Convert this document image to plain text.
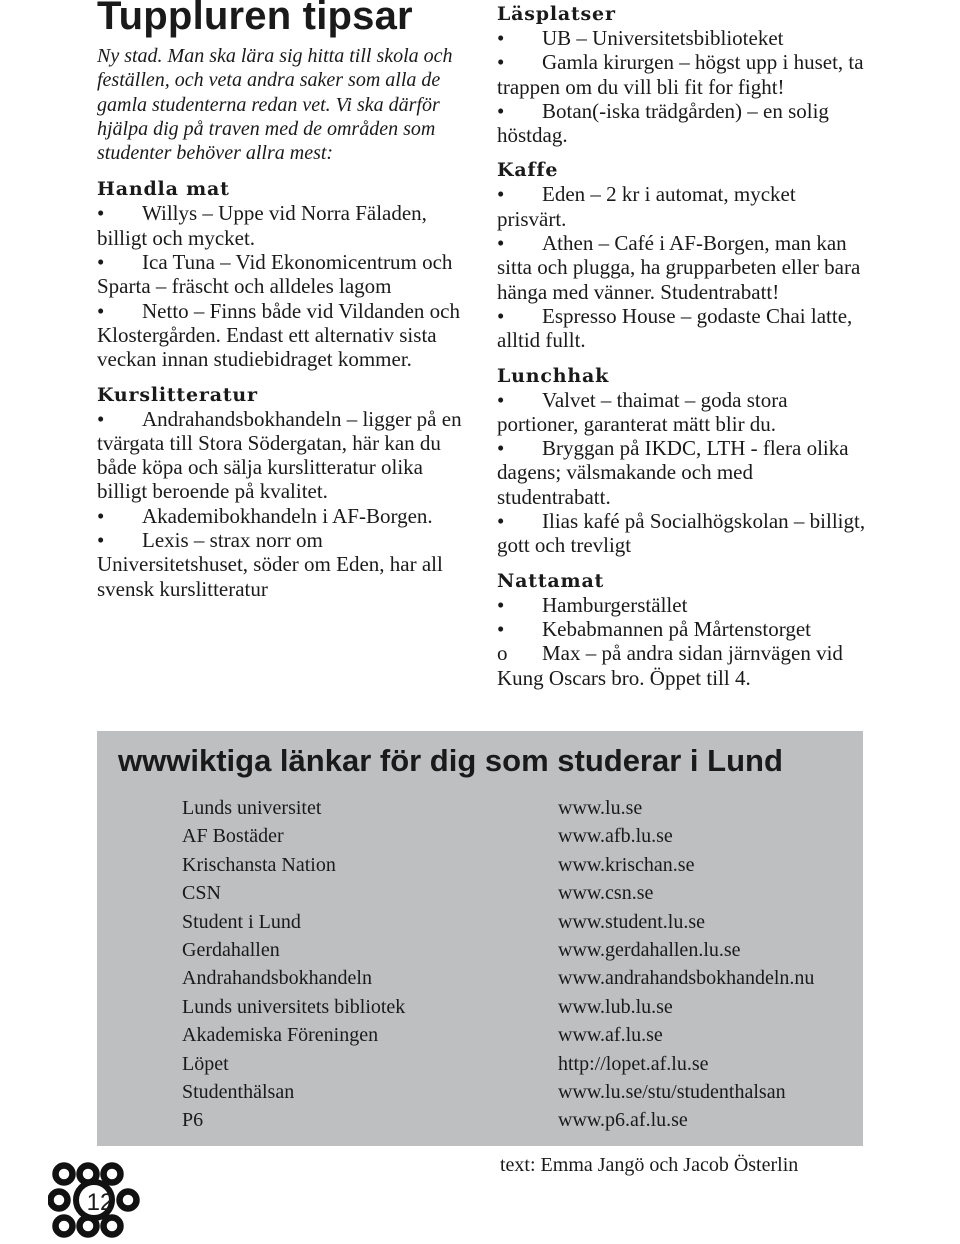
Tuppluren tipsar

Ny stad. Man ska lära sig hitta till skola och feställen, och veta andra saker som alla de gamla studenterna redan vet. Vi ska därför hjälpa dig på traven med de områden som studenter behöver allra mest:

Handla mat

• Willys – Uppe vid Norra Fäladen, billigt och mycket.

• Ica Tuna – Vid Ekonomicentrum och Sparta – fräscht och alldeles lagom

• Netto – Finns både vid Vildanden och Klostergården. Endast ett alternativ sista veckan innan studiebidraget kommer.

Kurslitteratur

• Andrahandsbokhandeln – ligger på en tvärgata till Stora Södergatan, här kan du både köpa och sälja kurslitteratur olika billigt beroende på kvalitet.

• Akademibokhandeln i AF-Borgen.

• Lexis – strax norr om Universitetshuset, söder om Eden, har all svensk kurslitteratur

Läsplatser

• UB – Universitetsbiblioteket

• Gamla kirurgen – högst upp i huset, ta trappen om du vill bli fit for fight!

• Botan(-iska trädgården) – en solig höstdag.

Kaffe

• Eden – 2 kr i automat, mycket prisvärt.

• Athen – Café i AF-Borgen, man kan sitta och plugga, ha grupparbeten eller bara hänga med vänner. Studentrabatt!

• Espresso House – godaste Chai latte, alltid fullt.

Lunchhak

• Valvet – thaimat – goda stora portioner, garanterat mätt blir du.

• Bryggan på IKDC, LTH - flera olika dagens; välsmakande och med studentrabatt.

• Ilias kafé på Socialhögskolan – billigt, gott och trevligt

Nattamat

• Hamburgerstället

• Kebabmannen på Mårtenstorget

o Max – på andra sidan järnvägen vid Kung Oscars bro. Öppet till 4.

wwwiktiga länkar för dig som studerar i Lund
Lunds universitet	www.lu.se
AF Bostäder	www.afb.lu.se
Krischansta Nation	www.krischan.se
CSN	www.csn.se
Student i Lund	www.student.lu.se
Gerdahallen	www.gerdahallen.lu.se
Andrahandsbokhandeln	www.andrahandsbokhandeln.nu
Lunds universitets bibliotek	www.lub.lu.se
Akademiska Föreningen	www.af.lu.se
Löpet	http://lopet.af.lu.se
Studenthälsan	www.lu.se/stu/studenthalsan
P6	www.p6.af.lu.se
text: Emma Jangö och Jacob Österlin
12
